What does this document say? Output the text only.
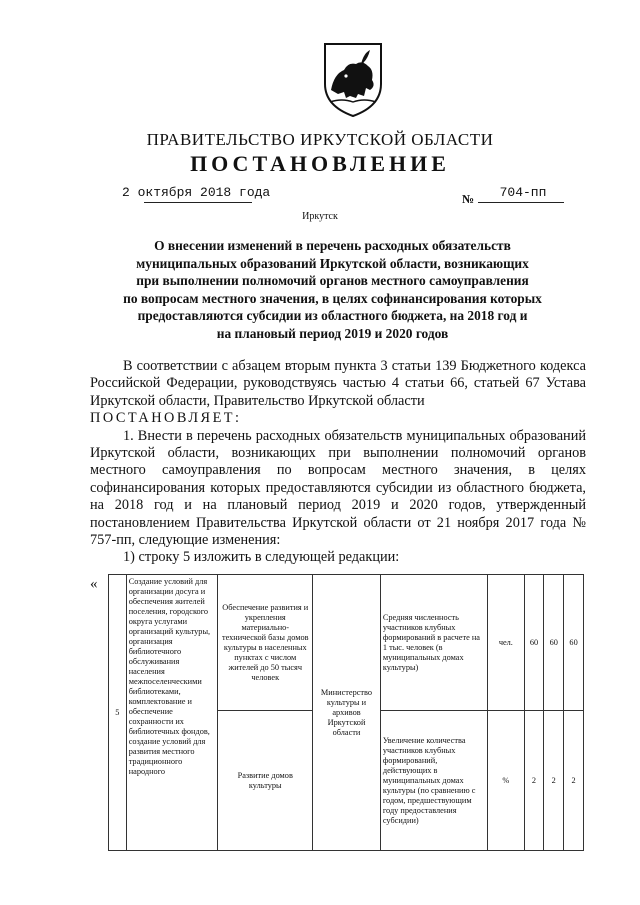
ПРАВИТЕЛЬСТВО ИРКУТСКОЙ ОБЛАСТИ
ПОСТАНОВЛЕНИЕ
2 октября 2018 года	№	704-пп
Иркутск
О внесении изменений в перечень расходных обязательств
муниципальных образований Иркутской области, возникающих
при выполнении полномочий органов местного самоуправления
по вопросам местного значения, в целях софинансирования которых
предоставляются субсидии из областного бюджета, на 2018 год и
на плановый период 2019 и 2020 годов

В соответствии с абзацем вторым пункта 3 статьи 139 Бюджетного кодекса Российской Федерации, руководствуясь частью 4 статьи 66, статьей 67 Устава Иркутской области, Правительство Иркутской области

ПОСТАНОВЛЯЕТ:

1. Внести в перечень расходных обязательств муниципальных образований Иркутской области, возникающих при выполнении полномочий органов местного самоуправления по вопросам местного значения, в целях софинансирования которых предоставляются субсидии из областного бюджета, на 2018 год и на плановый период 2019 и 2020 годов, утвержденный постановлением Правительства Иркутской области от 21 ноября 2017 года № 757-пп, следующие изменения:

1) строку 5 изложить в следующей редакции:

«
5	Создание условий для организации досуга и обеспечения жителей поселения, городского округа услугами организаций культуры, организация библиотечного обслуживания населения межпоселенческими библиотеками, комплектование и обеспечение сохранности их библиотечных фондов, создание условий для развития местного традиционного народного	Обеспечение развития и укрепления материально-технической базы домов культуры в населенных пунктах с числом жителей до 50 тысяч человек	Министерство культуры и архивов Иркутской области	Средняя численность участников клубных формирований в расчете на 1 тыс. человек (в муниципальных домах культуры)	чел.	60	60	60
		Развитие домов культуры		Увеличение количества участников клубных формирований, действующих в муниципальных домах культуры (по сравнению с годом, предшествующим году предоставления субсидии)	%	2	2	2
